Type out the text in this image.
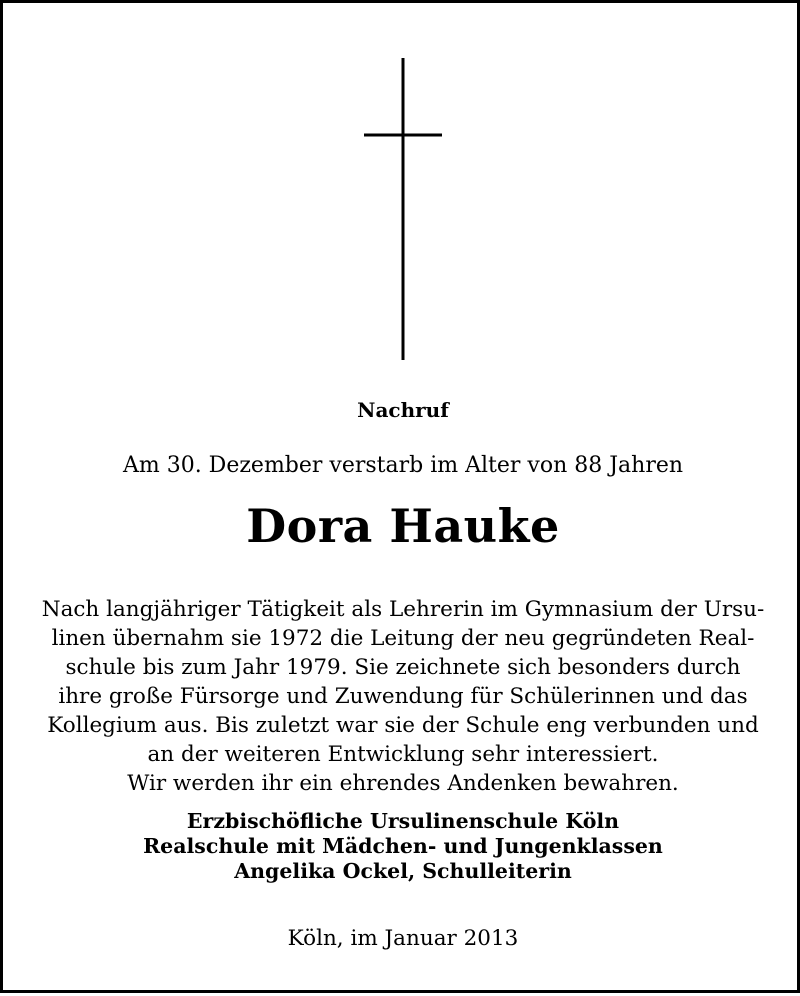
Nachruf
Am 30. Dezember verstarb im Alter von 88 Jahren
Dora Hauke
Nach langjähriger Tätigkeit als Lehrerin im Gymnasium der Ursu-
linen übernahm sie 1972 die Leitung der neu gegründeten Real-
schule bis zum Jahr 1979. Sie zeichnete sich besonders durch
ihre große Fürsorge und Zuwendung für Schülerinnen und das
Kollegium aus. Bis zuletzt war sie der Schule eng verbunden und
an der weiteren Entwicklung sehr interessiert.
Wir werden ihr ein ehrendes Andenken bewahren.
Erzbischöfliche Ursulinenschule Köln
Realschule mit Mädchen- und Jungenklassen
Angelika Ockel, Schulleiterin
Köln, im Januar 2013
